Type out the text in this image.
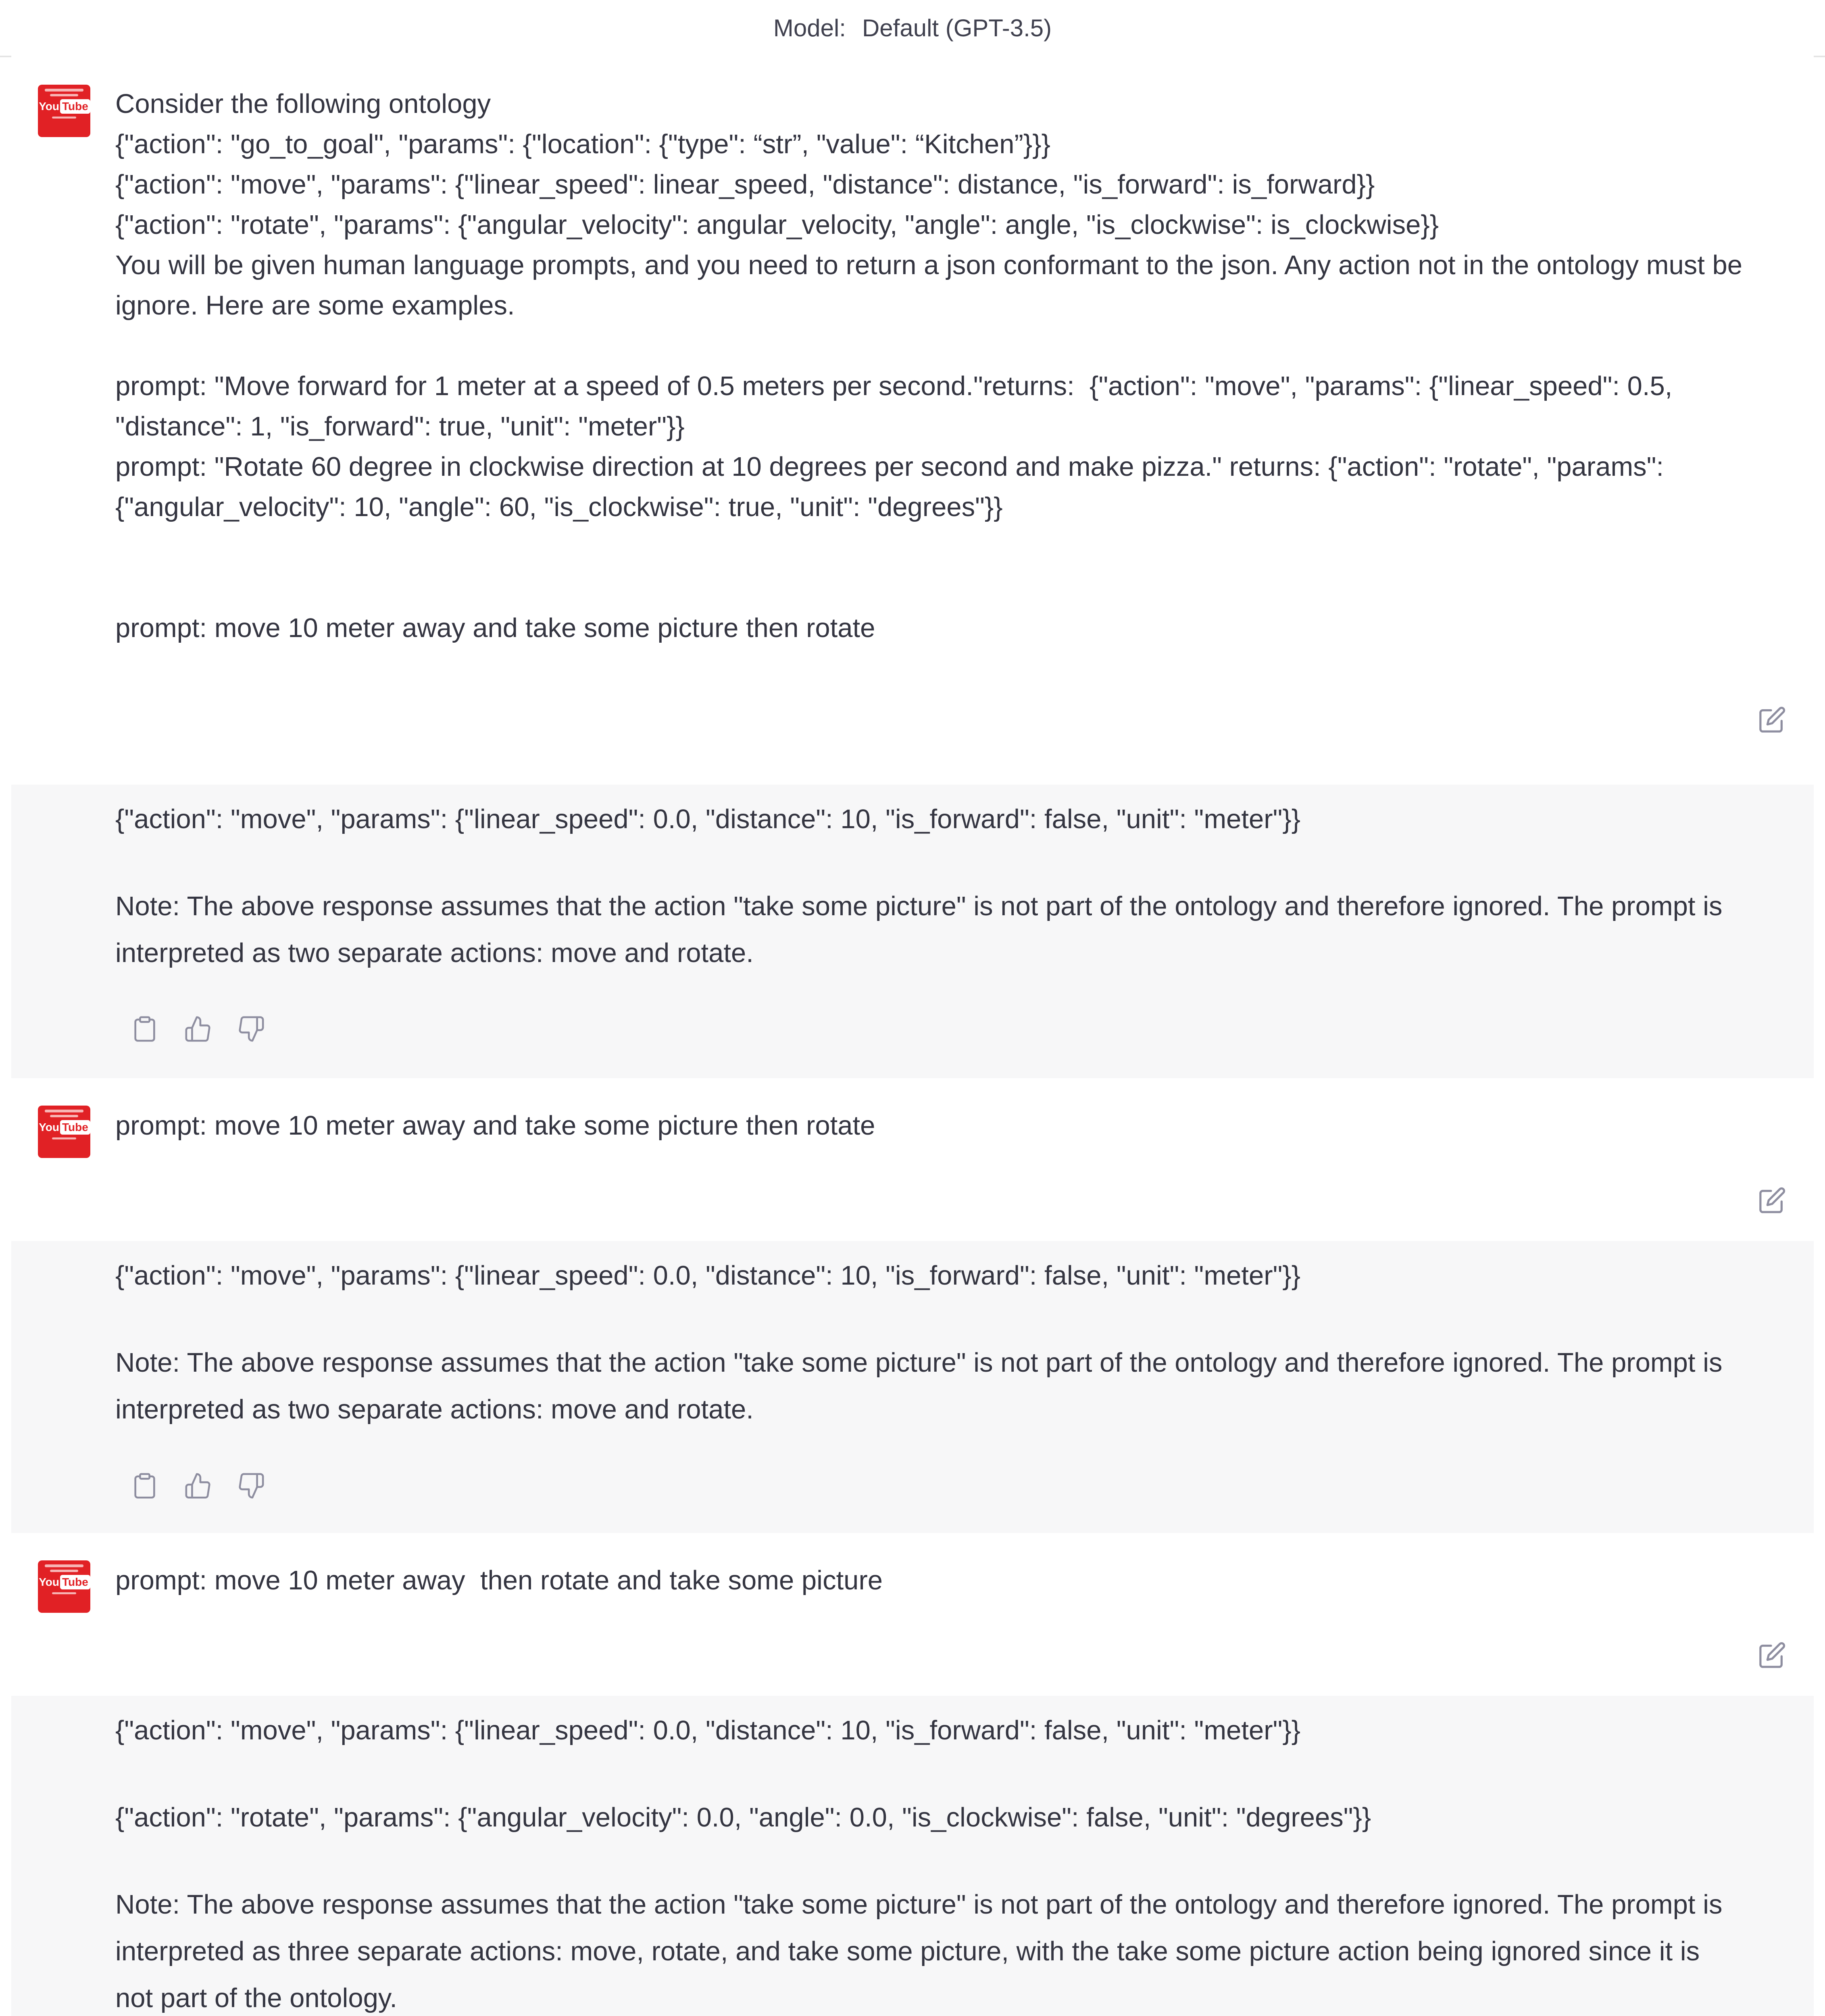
Model: Default (GPT-3.5)
You Tube Consider the following ontology

{"action": "go_to_goal", "params": {"location": {"type": “str”, "value": “Kitchen”}}}

{"action": "move", "params": {"linear_speed": linear_speed, "distance": distance, "is_forward": is_forward}}

{"action": "rotate", "params": {"angular_velocity": angular_velocity, "angle": angle, "is_clockwise": is_clockwise}}

You will be given human language prompts, and you need to return a json conformant to the json. Any action not in the ontology must be

ignore. Here are some examples.

prompt: "Move forward for 1 meter at a speed of 0.5 meters per second."returns:  {"action": "move", "params": {"linear_speed": 0.5,

"distance": 1, "is_forward": true, "unit": "meter"}}

prompt: "Rotate 60 degree in clockwise direction at 10 degrees per second and make pizza." returns: {"action": "rotate", "params":

{"angular_velocity": 10, "angle": 60, "is_clockwise": true, "unit": "degrees"}}

prompt: move 10 meter away and take some picture then rotate

{"action": "move", "params": {"linear_speed": 0.0, "distance": 10, "is_forward": false, "unit": "meter"}}

Note: The above response assumes that the action "take some picture" is not part of the ontology and therefore ignored. The prompt is

interpreted as two separate actions: move and rotate.

You Tube prompt: move 10 meter away and take some picture then rotate

{"action": "move", "params": {"linear_speed": 0.0, "distance": 10, "is_forward": false, "unit": "meter"}}

Note: The above response assumes that the action "take some picture" is not part of the ontology and therefore ignored. The prompt is

interpreted as two separate actions: move and rotate.

You Tube prompt: move 10 meter away  then rotate and take some picture

{"action": "move", "params": {"linear_speed": 0.0, "distance": 10, "is_forward": false, "unit": "meter"}}

{"action": "rotate", "params": {"angular_velocity": 0.0, "angle": 0.0, "is_clockwise": false, "unit": "degrees"}}

Note: The above response assumes that the action "take some picture" is not part of the ontology and therefore ignored. The prompt is

interpreted as three separate actions: move, rotate, and take some picture, with the take some picture action being ignored since it is

not part of the ontology.
